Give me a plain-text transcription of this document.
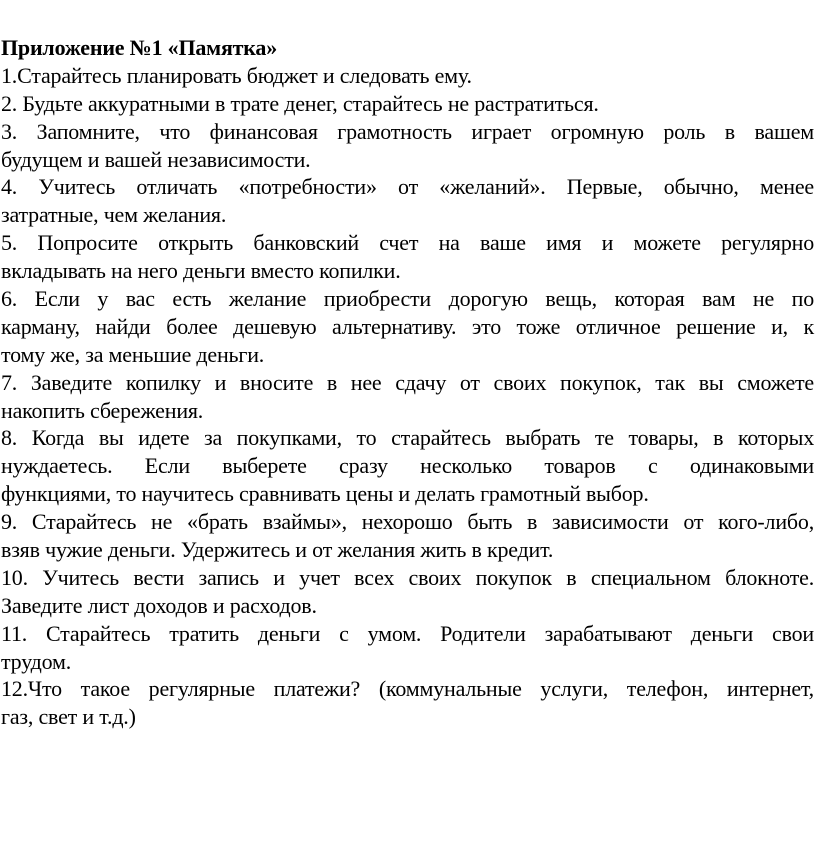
Приложение №1 «Памятка»
1.Старайтесь планировать бюджет и следовать ему.
2. Будьте аккуратными в трате денег, старайтесь не растратиться.
3. Запомните, что финансовая грамотность играет огромную роль в вашем
будущем и вашей независимости.
4. Учитесь отличать «потребности» от «желаний». Первые, обычно, менее
затратные, чем желания.
5. Попросите открыть банковский счет на ваше имя и можете регулярно
вкладывать на него деньги вместо копилки.
6. Если у вас есть желание приобрести дорогую вещь, которая вам не по
карману, найди более дешевую альтернативу. это тоже отличное решение и, к
тому же, за меньшие деньги.
7. Заведите копилку и вносите в нее сдачу от своих покупок, так вы сможете
накопить сбережения.
8. Когда вы идете за покупками, то старайтесь выбрать те товары, в которых
нуждаетесь. Если выберете сразу несколько товаров с одинаковыми
функциями, то научитесь сравнивать цены и делать грамотный выбор.
9. Старайтесь не «брать взаймы», нехорошо быть в зависимости от кого-либо,
взяв чужие деньги. Удержитесь и от желания жить в кредит.
10. Учитесь вести запись и учет всех своих покупок в специальном блокноте.
Заведите лист доходов и расходов.
11. Старайтесь тратить деньги с умом. Родители зарабатывают деньги свои
трудом.
12.Что такое регулярные платежи? (коммунальные услуги, телефон, интернет,
газ, свет и т.д.)
